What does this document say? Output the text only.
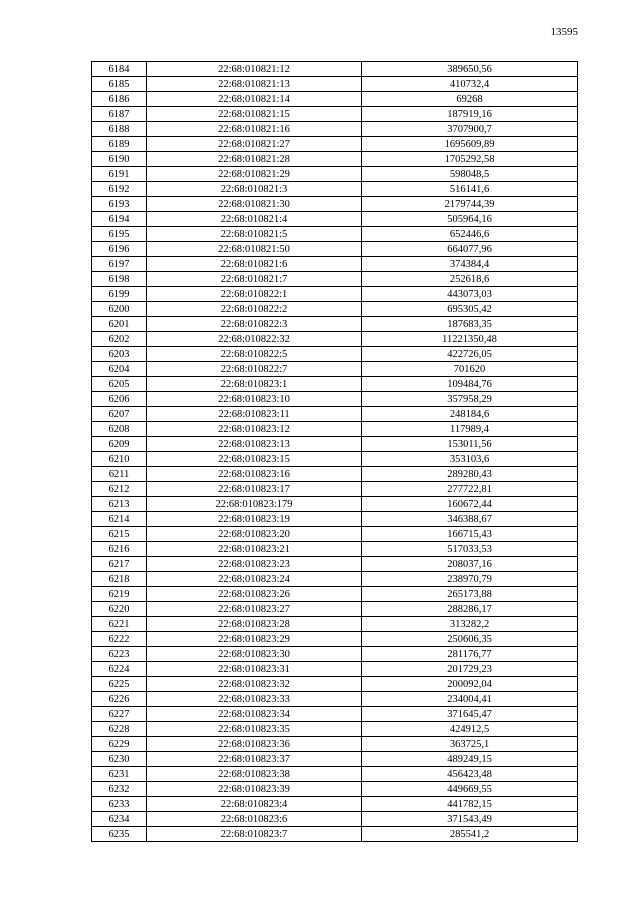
13595
6184	22:68:010821:12	389650,56
6185	22:68:010821:13	410732,4
6186	22:68:010821:14	69268
6187	22:68:010821:15	187919,16
6188	22:68:010821:16	3707900,7
6189	22:68:010821:27	1695609,89
6190	22:68:010821:28	1705292,58
6191	22:68:010821:29	598048,5
6192	22:68:010821:3	516141,6
6193	22:68:010821:30	2179744,39
6194	22:68:010821:4	505964,16
6195	22:68:010821:5	652446,6
6196	22:68:010821:50	664077,96
6197	22:68:010821:6	374384,4
6198	22:68:010821:7	252618,6
6199	22:68:010822:1	443073,03
6200	22:68:010822:2	695305,42
6201	22:68:010822:3	187683,35
6202	22:68:010822:32	11221350,48
6203	22:68:010822:5	422726,05
6204	22:68:010822:7	701620
6205	22:68:010823:1	109484,76
6206	22:68:010823:10	357958,29
6207	22:68:010823:11	248184,6
6208	22:68:010823:12	117989,4
6209	22:68:010823:13	153011,56
6210	22:68:010823:15	353103,6
6211	22:68:010823:16	289280,43
6212	22:68:010823:17	277722,81
6213	22:68:010823:179	160672,44
6214	22:68:010823:19	346388,67
6215	22:68:010823:20	166715,43
6216	22:68:010823:21	517033,53
6217	22:68:010823:23	208037,16
6218	22:68:010823:24	238970,79
6219	22:68:010823:26	265173,88
6220	22:68:010823:27	288286,17
6221	22:68:010823:28	313282,2
6222	22:68:010823:29	250606,35
6223	22:68:010823:30	281176,77
6224	22:68:010823:31	201729,23
6225	22:68:010823:32	200092,04
6226	22:68:010823:33	234004,41
6227	22:68:010823:34	371645,47
6228	22:68:010823:35	424912,5
6229	22:68:010823:36	363725,1
6230	22:68:010823:37	489249,15
6231	22:68:010823:38	456423,48
6232	22:68:010823:39	449669,55
6233	22:68:010823:4	441782,15
6234	22:68:010823:6	371543,49
6235	22:68:010823:7	285541,2
